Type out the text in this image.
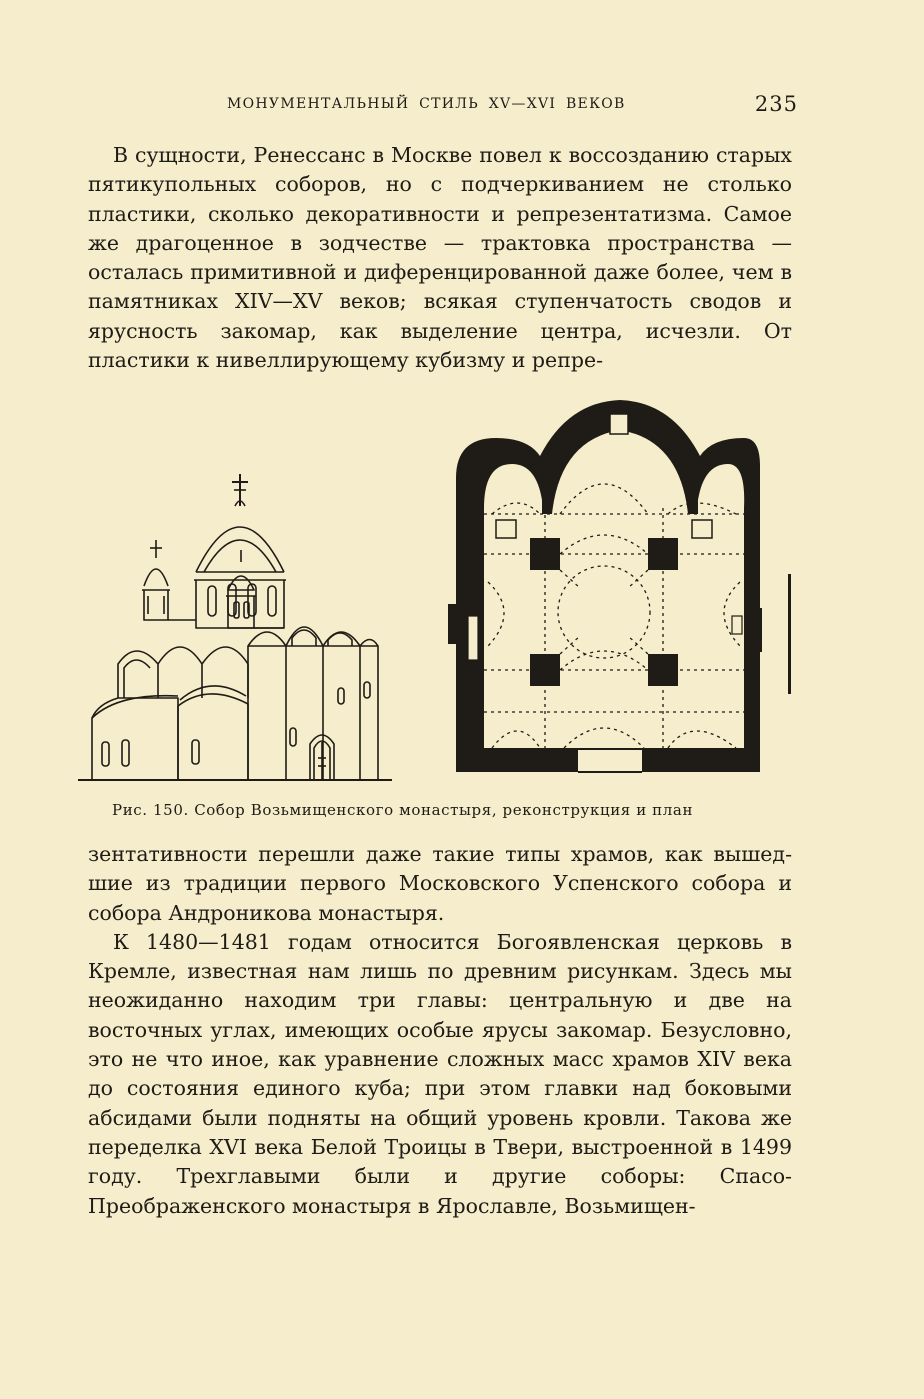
МОНУМЕНТАЛЬНЫЙ СТИЛЬ XV—XVI ВЕКОВ	235

В сущности, Ренессанс в Москве повел к воссозданию старых пятикупольных соборов, но с подчеркиванием не столько пластики, сколько декоративности и репрезентатизма. Самое же драгоценное в зодчестве — трактовка пространства — осталась примитивной и диференцированной даже более, чем в памятниках XIV—XV веков; всякая ступенчатость сводов и ярусность закомар, как выделение центра, исчезли. От пластики к нивеллирующему кубизму и репре-

Рис. 150. Собор Возьмищенского монастыря, реконструкция и план

зентативности перешли даже такие типы храмов, как вышедшие из традиции первого Московского Успенского собора и собора Андроникова монастыря.

К 1480—1481 годам относится Богоявленская церковь в Кремле, известная нам лишь по древним рисункам. Здесь мы неожиданно находим три главы: центральную и две на восточных углах, имеющих особые ярусы закомар. Безусловно, это не что иное, как уравнение сложных масс храмов XIV века до состояния единого куба; при этом главки над боковыми абсидами были подняты на общий уровень кровли. Такова же переделка XVI века Белой Троицы в Твери, выстроенной в 1499 году. Трехглавыми были и другие соборы: Спасо-Преображенского монастыря в Ярославле, Возьмищен-
